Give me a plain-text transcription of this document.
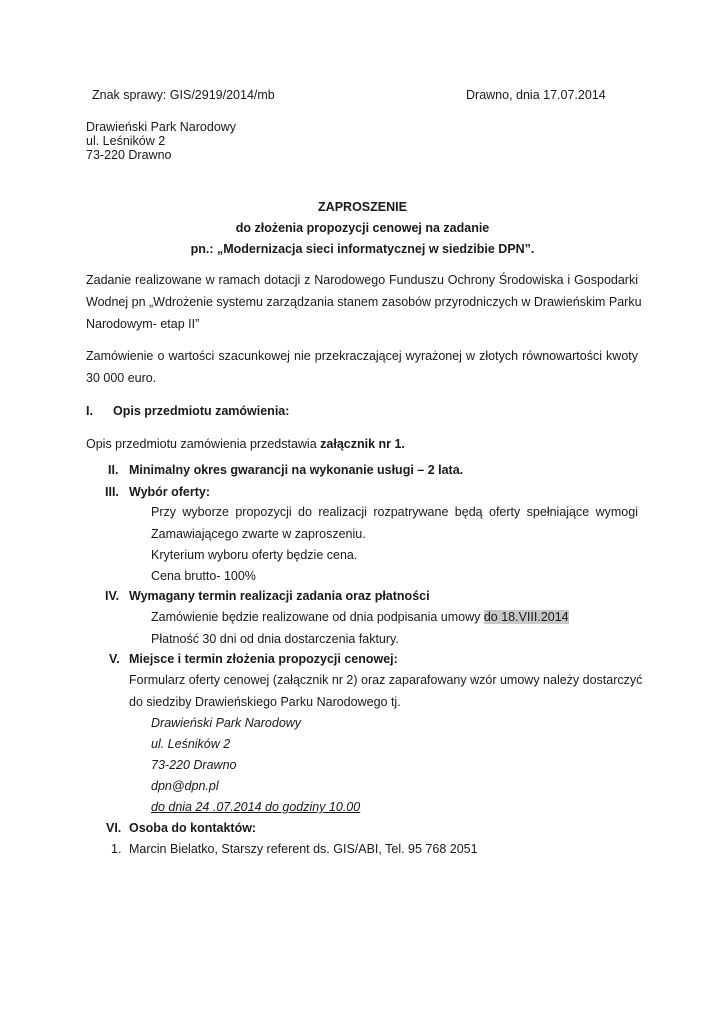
Znak sprawy: GIS/2919/2014/mb	Drawno, dnia 17.07.2014
Drawieński Park Narodowy
ul. Leśników 2
73-220 Drawno
ZAPROSZENIE
do złożenia propozycji cenowej na zadanie
pn.: „Modernizacja sieci informatycznej w siedzibie DPN”.
Zadanie realizowane w ramach dotacji z Narodowego Funduszu Ochrony Środowiska i Gospodarki
Wodnej pn „Wdrożenie systemu zarządzania stanem zasobów przyrodniczych w Drawieńskim Parku
Narodowym- etap II”
Zamówienie o wartości szacunkowej nie przekraczającej wyrażonej w złotych równowartości kwoty
30 000 euro.
I. Opis przedmiotu zamówienia:
Opis przedmiotu zamówienia przedstawia załącznik nr 1.
II. Minimalny okres gwarancji na wykonanie usługi – 2 lata.
III. Wybór oferty:
Przy wyborze propozycji do realizacji rozpatrywane będą oferty spełniające wymogi
Zamawiającego zwarte w zaproszeniu.
Kryterium wyboru oferty będzie cena.
Cena brutto- 100%
IV. Wymagany termin realizacji zadania oraz płatności
Zamówienie będzie realizowane od dnia podpisania umowy do 18.VIII.2014
Płatność 30 dni od dnia dostarczenia faktury.
V. Miejsce i termin złożenia propozycji cenowej:
Formularz oferty cenowej (załącznik nr 2) oraz zaparafowany wzór umowy należy dostarczyć
do siedziby Drawieńskiego Parku Narodowego tj.
Drawieński Park Narodowy
ul. Leśników 2
73-220 Drawno
dpn@dpn.pl
do dnia 24 .07.2014 do godziny 10.00
VI. Osoba do kontaktów:
1. Marcin Bielatko, Starszy referent ds. GIS/ABI, Tel. 95 768 2051
